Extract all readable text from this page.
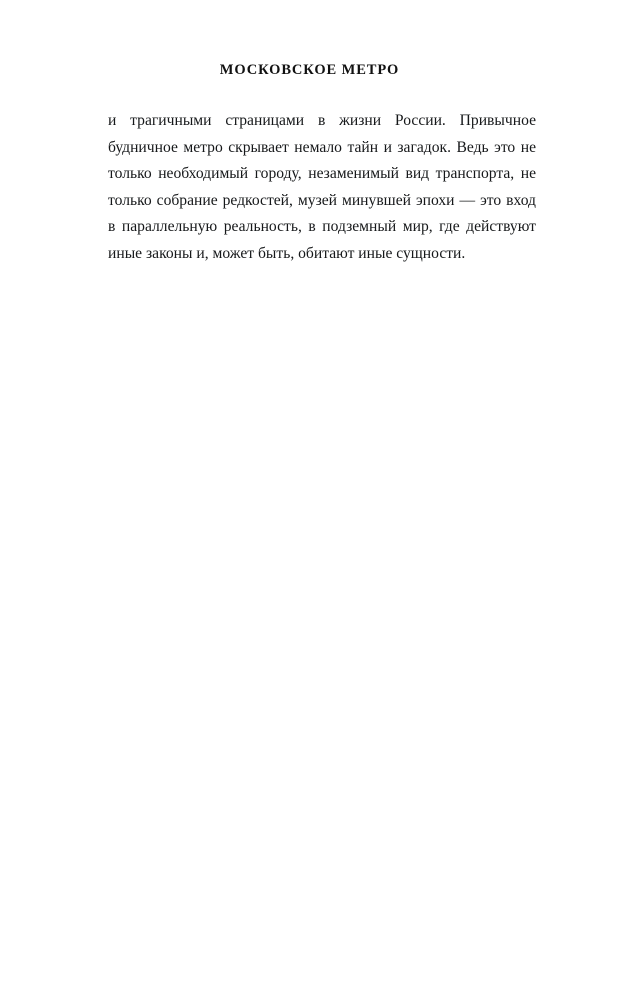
МОСКОВСКОЕ МЕТРО

и трагичными страницами в жизни России. Привычное будничное метро скрывает немало тайн и загадок. Ведь это не только необходимый городу, незаменимый вид транспорта, не только собрание редкостей, музей минувшей эпохи — это вход в параллельную реальность, в подземный мир, где действуют иные законы и, может быть, обитают иные сущности.
